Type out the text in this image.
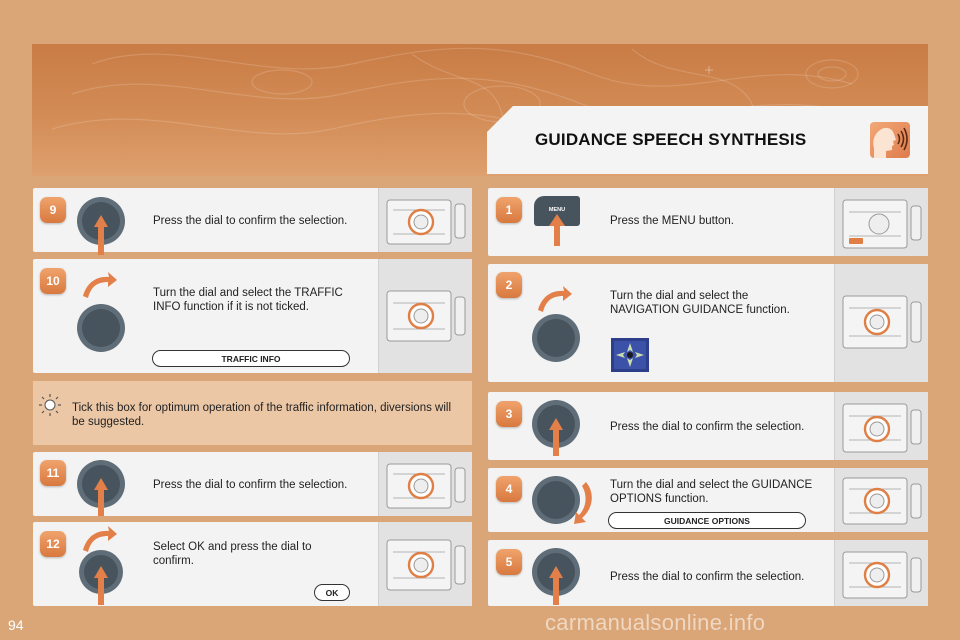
GUIDANCE SPEECH SYNTHESIS
9
Press the dial to confirm the selection.
10
Turn the dial and select the TRAFFIC INFO function if it is not ticked.
TRAFFIC INFO
Tick this box for optimum operation of the traffic information, diversions will be suggested.
11
Press the dial to confirm the selection.
12	Select OK and press the dial to confirm.
OK
1	MENU
Press the MENU button.
2
Turn the dial and select the NAVIGATION GUIDANCE function.
3
Press the dial to confirm the selection.
4	Turn the dial and select the GUIDANCE OPTIONS function.
GUIDANCE OPTIONS
5
Press the dial to confirm the selection.
94	carmanualsonline.info
